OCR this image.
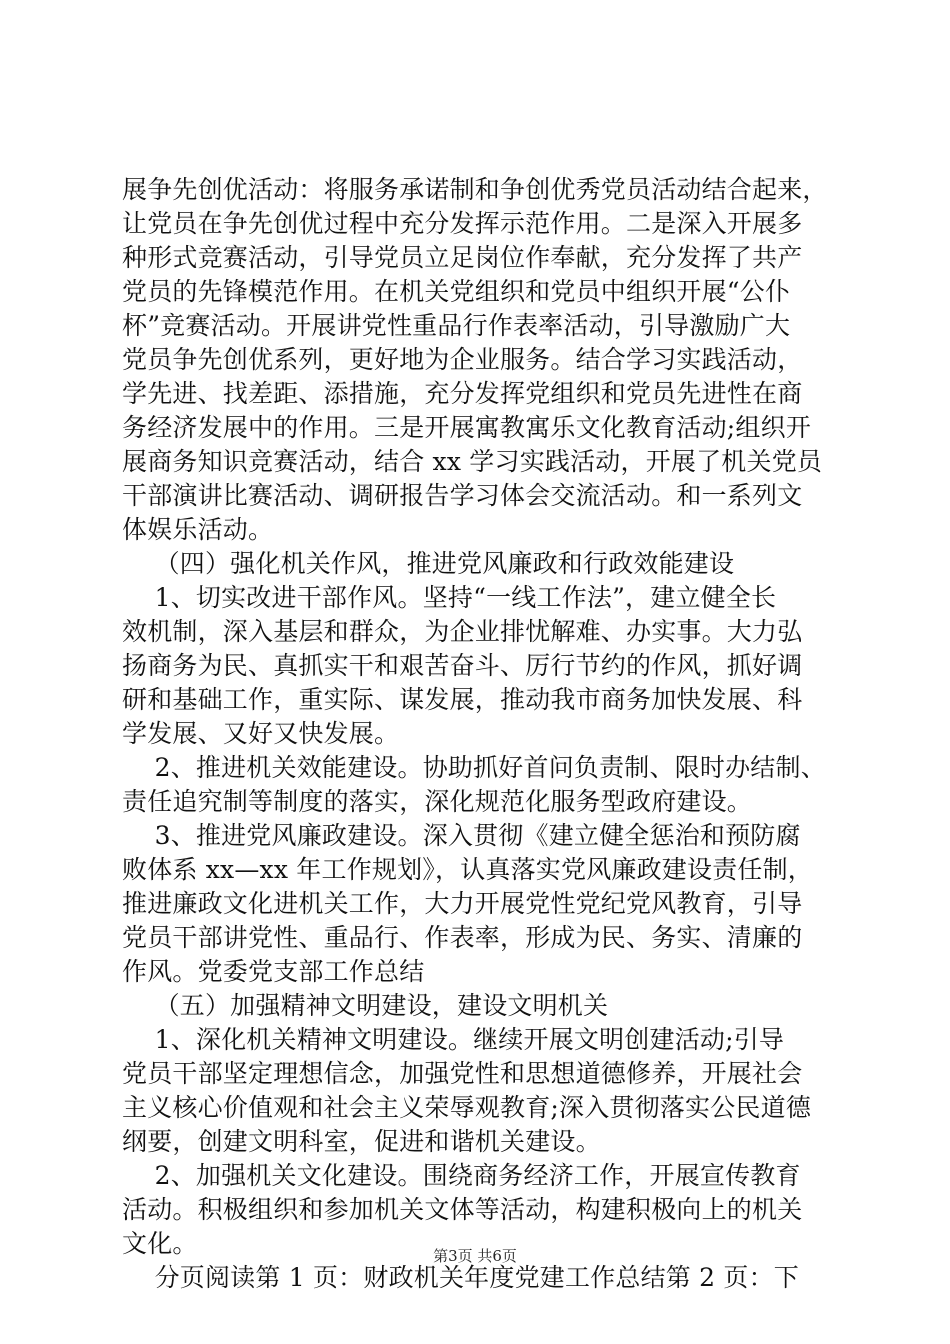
展争先创优活动：将服务承诺制和争创优秀党员活动结合起来，
让党员在争先创优过程中充分发挥示范作用。二是深入开展多
种形式竞赛活动，引导党员立足岗位作奉献，充分发挥了共产
党员的先锋模范作用。在机关党组织和党员中组织开展“公仆
杯”竞赛活动。开展讲党性重品行作表率活动，引导激励广大
党员争先创优系列，更好地为企业服务。结合学习实践活动，
学先进、找差距、添措施，充分发挥党组织和党员先进性在商
务经济发展中的作用。三是开展寓教寓乐文化教育活动;组织开
展商务知识竞赛活动，结合 xx 学习实践活动，开展了机关党员
干部演讲比赛活动、调研报告学习体会交流活动。和一系列文
体娱乐活动。
（四）强化机关作风，推进党风廉政和行政效能建设
1、切实改进干部作风。坚持“一线工作法”，建立健全长
效机制，深入基层和群众，为企业排忧解难、办实事。大力弘
扬商务为民、真抓实干和艰苦奋斗、厉行节约的作风，抓好调
研和基础工作，重实际、谋发展，推动我市商务加快发展、科
学发展、又好又快发展。
2、推进机关效能建设。协助抓好首问负责制、限时办结制、
责任追究制等制度的落实，深化规范化服务型政府建设。
3、推进党风廉政建设。深入贯彻《建立健全惩治和预防腐
败体系 xx—xx 年工作规划》，认真落实党风廉政建设责任制，
推进廉政文化进机关工作，大力开展党性党纪党风教育，引导
党员干部讲党性、重品行、作表率，形成为民、务实、清廉的
作风。党委党支部工作总结
（五）加强精神文明建设，建设文明机关
1、深化机关精神文明建设。继续开展文明创建活动;引导
党员干部坚定理想信念，加强党性和思想道德修养，开展社会
主义核心价值观和社会主义荣辱观教育;深入贯彻落实公民道德
纲要，创建文明科室，促进和谐机关建设。
2、加强机关文化建设。围绕商务经济工作，开展宣传教育
活动。积极组织和参加机关文体等活动，构建积极向上的机关
文化。
分页阅读第 1 页：财政机关年度党建工作总结第 2 页：下
第3页 共6页
